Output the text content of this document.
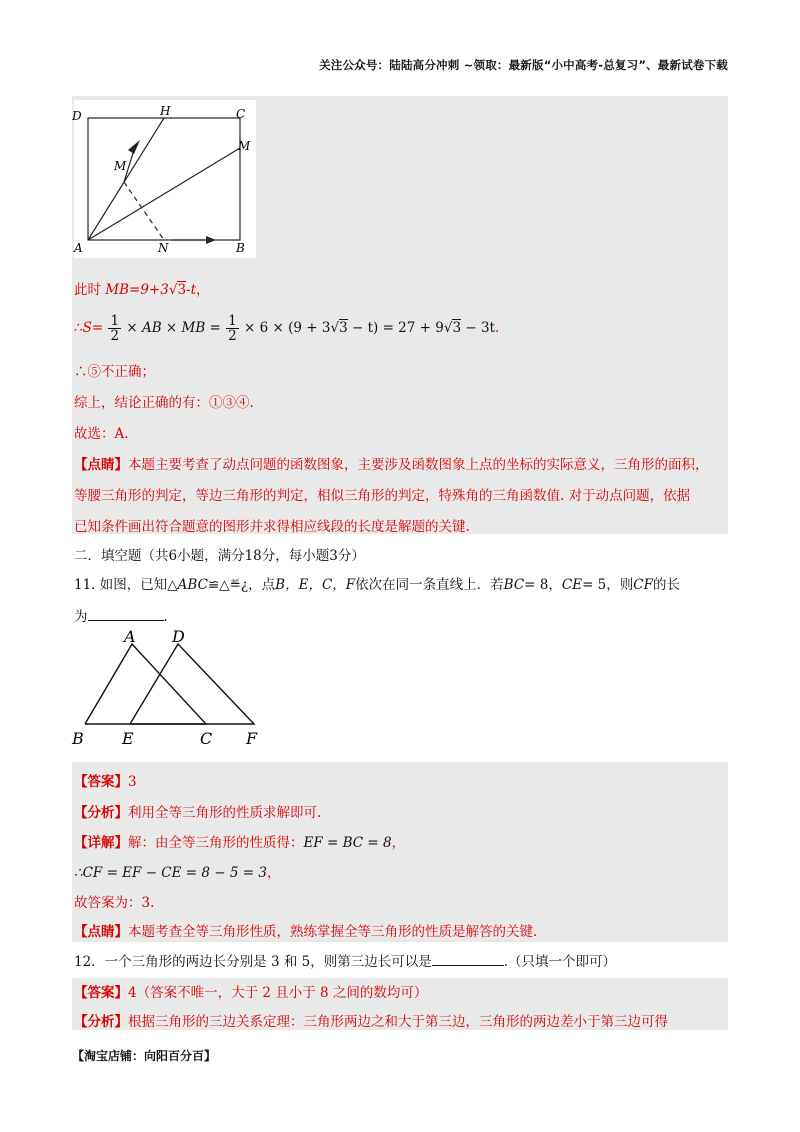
关注公众号：陆陆高分冲刺 ~领取：最新版“小中高考-总复习”、最新试卷下载
D	H	C
M
M
A	N	B
此时 MB=9+3√3-t，
∴S= $\frac{1}{2}$ × AB × MB = $\frac{1}{2} \times 6 \times (9 + 3√3 - t) = 27 + 9√3 - 3t$.
∴⑤不正确；
综上，结论正确的有：①③④.
故选：A.
【点睛】本题主要考查了动点问题的函数图象，主要涉及函数图象上点的坐标的实际意义，三角形的面积，
等腰三角形的判定，等边三角形的判定，相似三角形的判定，特殊角的三角函数值. 对于动点问题，依据
已知条件画出符合题意的图形并求得相应线段的长度是解题的关键.
二．填空题（共6小题，满分18分，每小题3分）
11. 如图，已知△ABC≌△≝¿，点B，E，C，F依次在同一条直线上．若BC= 8，CE= 5，则CF的长
为	.
A D
B E	C F
【答案】3
【分析】利用全等三角形的性质求解即可.
【详解】解：由全等三角形的性质得：EF = BC = 8，
∴CF = EF − CE = 8 − 5 = 3，
故答案为：3.
【点睛】本题考查全等三角形性质，熟练掌握全等三角形的性质是解答的关键.
12．一个三角形的两边长分别是 3 和 5，则第三边长可以是	.（只填一个即可）
【答案】4（答案不唯一，大于 2 且小于 8 之间的数均可）
【分析】根据三角形的三边关系定理：三角形两边之和大于第三边，三角形的两边差小于第三边可得
【淘宝店铺：向阳百分百】
